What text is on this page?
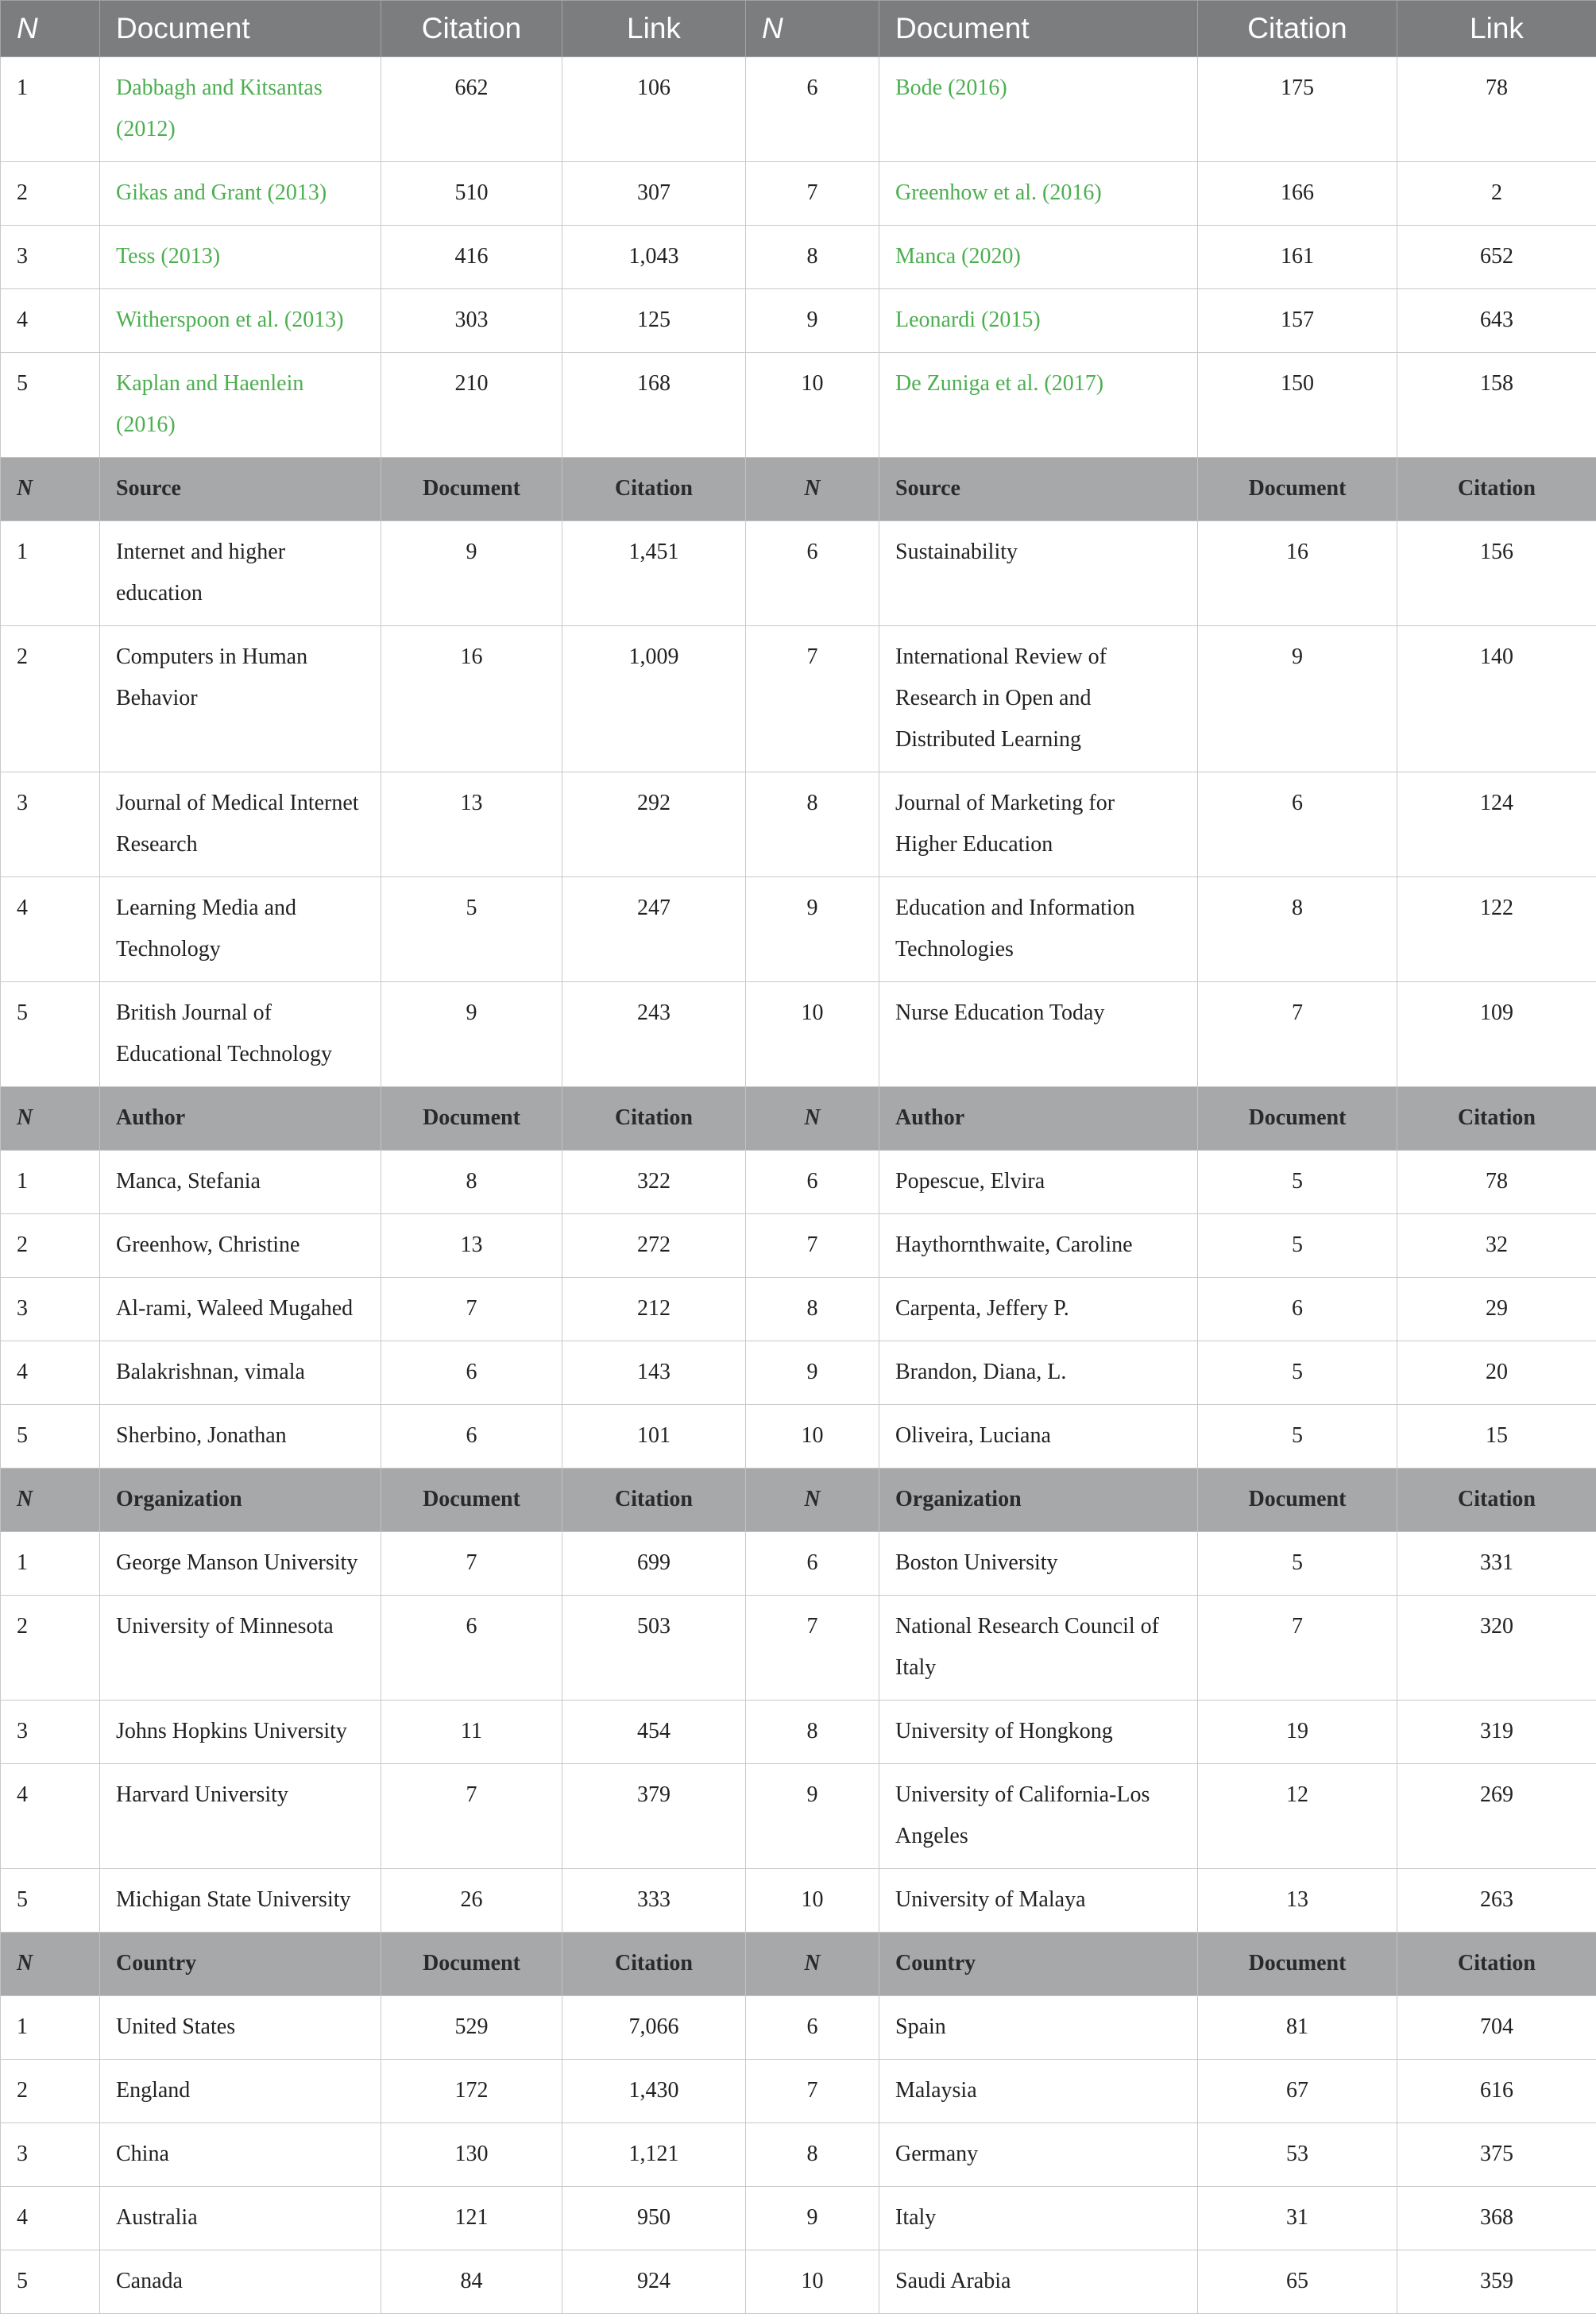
N	Document	Citation	Link	N	Document	Citation	Link
1	Dabbagh and Kitsantas (2012)	662	106	6	Bode (2016)	175	78
2	Gikas and Grant (2013)	510	307	7	Greenhow et al. (2016)	166	2
3	Tess (2013)	416	1,043	8	Manca (2020)	161	652
4	Witherspoon et al. (2013)	303	125	9	Leonardi (2015)	157	643
5	Kaplan and Haenlein (2016)	210	168	10	De Zuniga et al. (2017)	150	158
N	Source	Document	Citation	N	Source	Document	Citation
1	Internet and higher education	9	1,451	6	Sustainability	16	156
2	Computers in Human Behavior	16	1,009	7	International Review of Research in Open and Distributed Learning	9	140
3	Journal of Medical Internet Research	13	292	8	Journal of Marketing for Higher Education	6	124
4	Learning Media and Technology	5	247	9	Education and Information Technologies	8	122
5	British Journal of Educational Technology	9	243	10	Nurse Education Today	7	109
N	Author	Document	Citation	N	Author	Document	Citation
1	Manca, Stefania	8	322	6	Popescue, Elvira	5	78
2	Greenhow, Christine	13	272	7	Haythornthwaite, Caroline	5	32
3	Al-rami, Waleed Mugahed	7	212	8	Carpenta, Jeffery P.	6	29
4	Balakrishnan, vimala	6	143	9	Brandon, Diana, L.	5	20
5	Sherbino, Jonathan	6	101	10	Oliveira, Luciana	5	15
N	Organization	Document	Citation	N	Organization	Document	Citation
1	George Manson University	7	699	6	Boston University	5	331
2	University of Minnesota	6	503	7	National Research Council of Italy	7	320
3	Johns Hopkins University	11	454	8	University of Hongkong	19	319
4	Harvard University	7	379	9	University of California-Los Angeles	12	269
5	Michigan State University	26	333	10	University of Malaya	13	263
N	Country	Document	Citation	N	Country	Document	Citation
1	United States	529	7,066	6	Spain	81	704
2	England	172	1,430	7	Malaysia	67	616
3	China	130	1,121	8	Germany	53	375
4	Australia	121	950	9	Italy	31	368
5	Canada	84	924	10	Saudi Arabia	65	359
